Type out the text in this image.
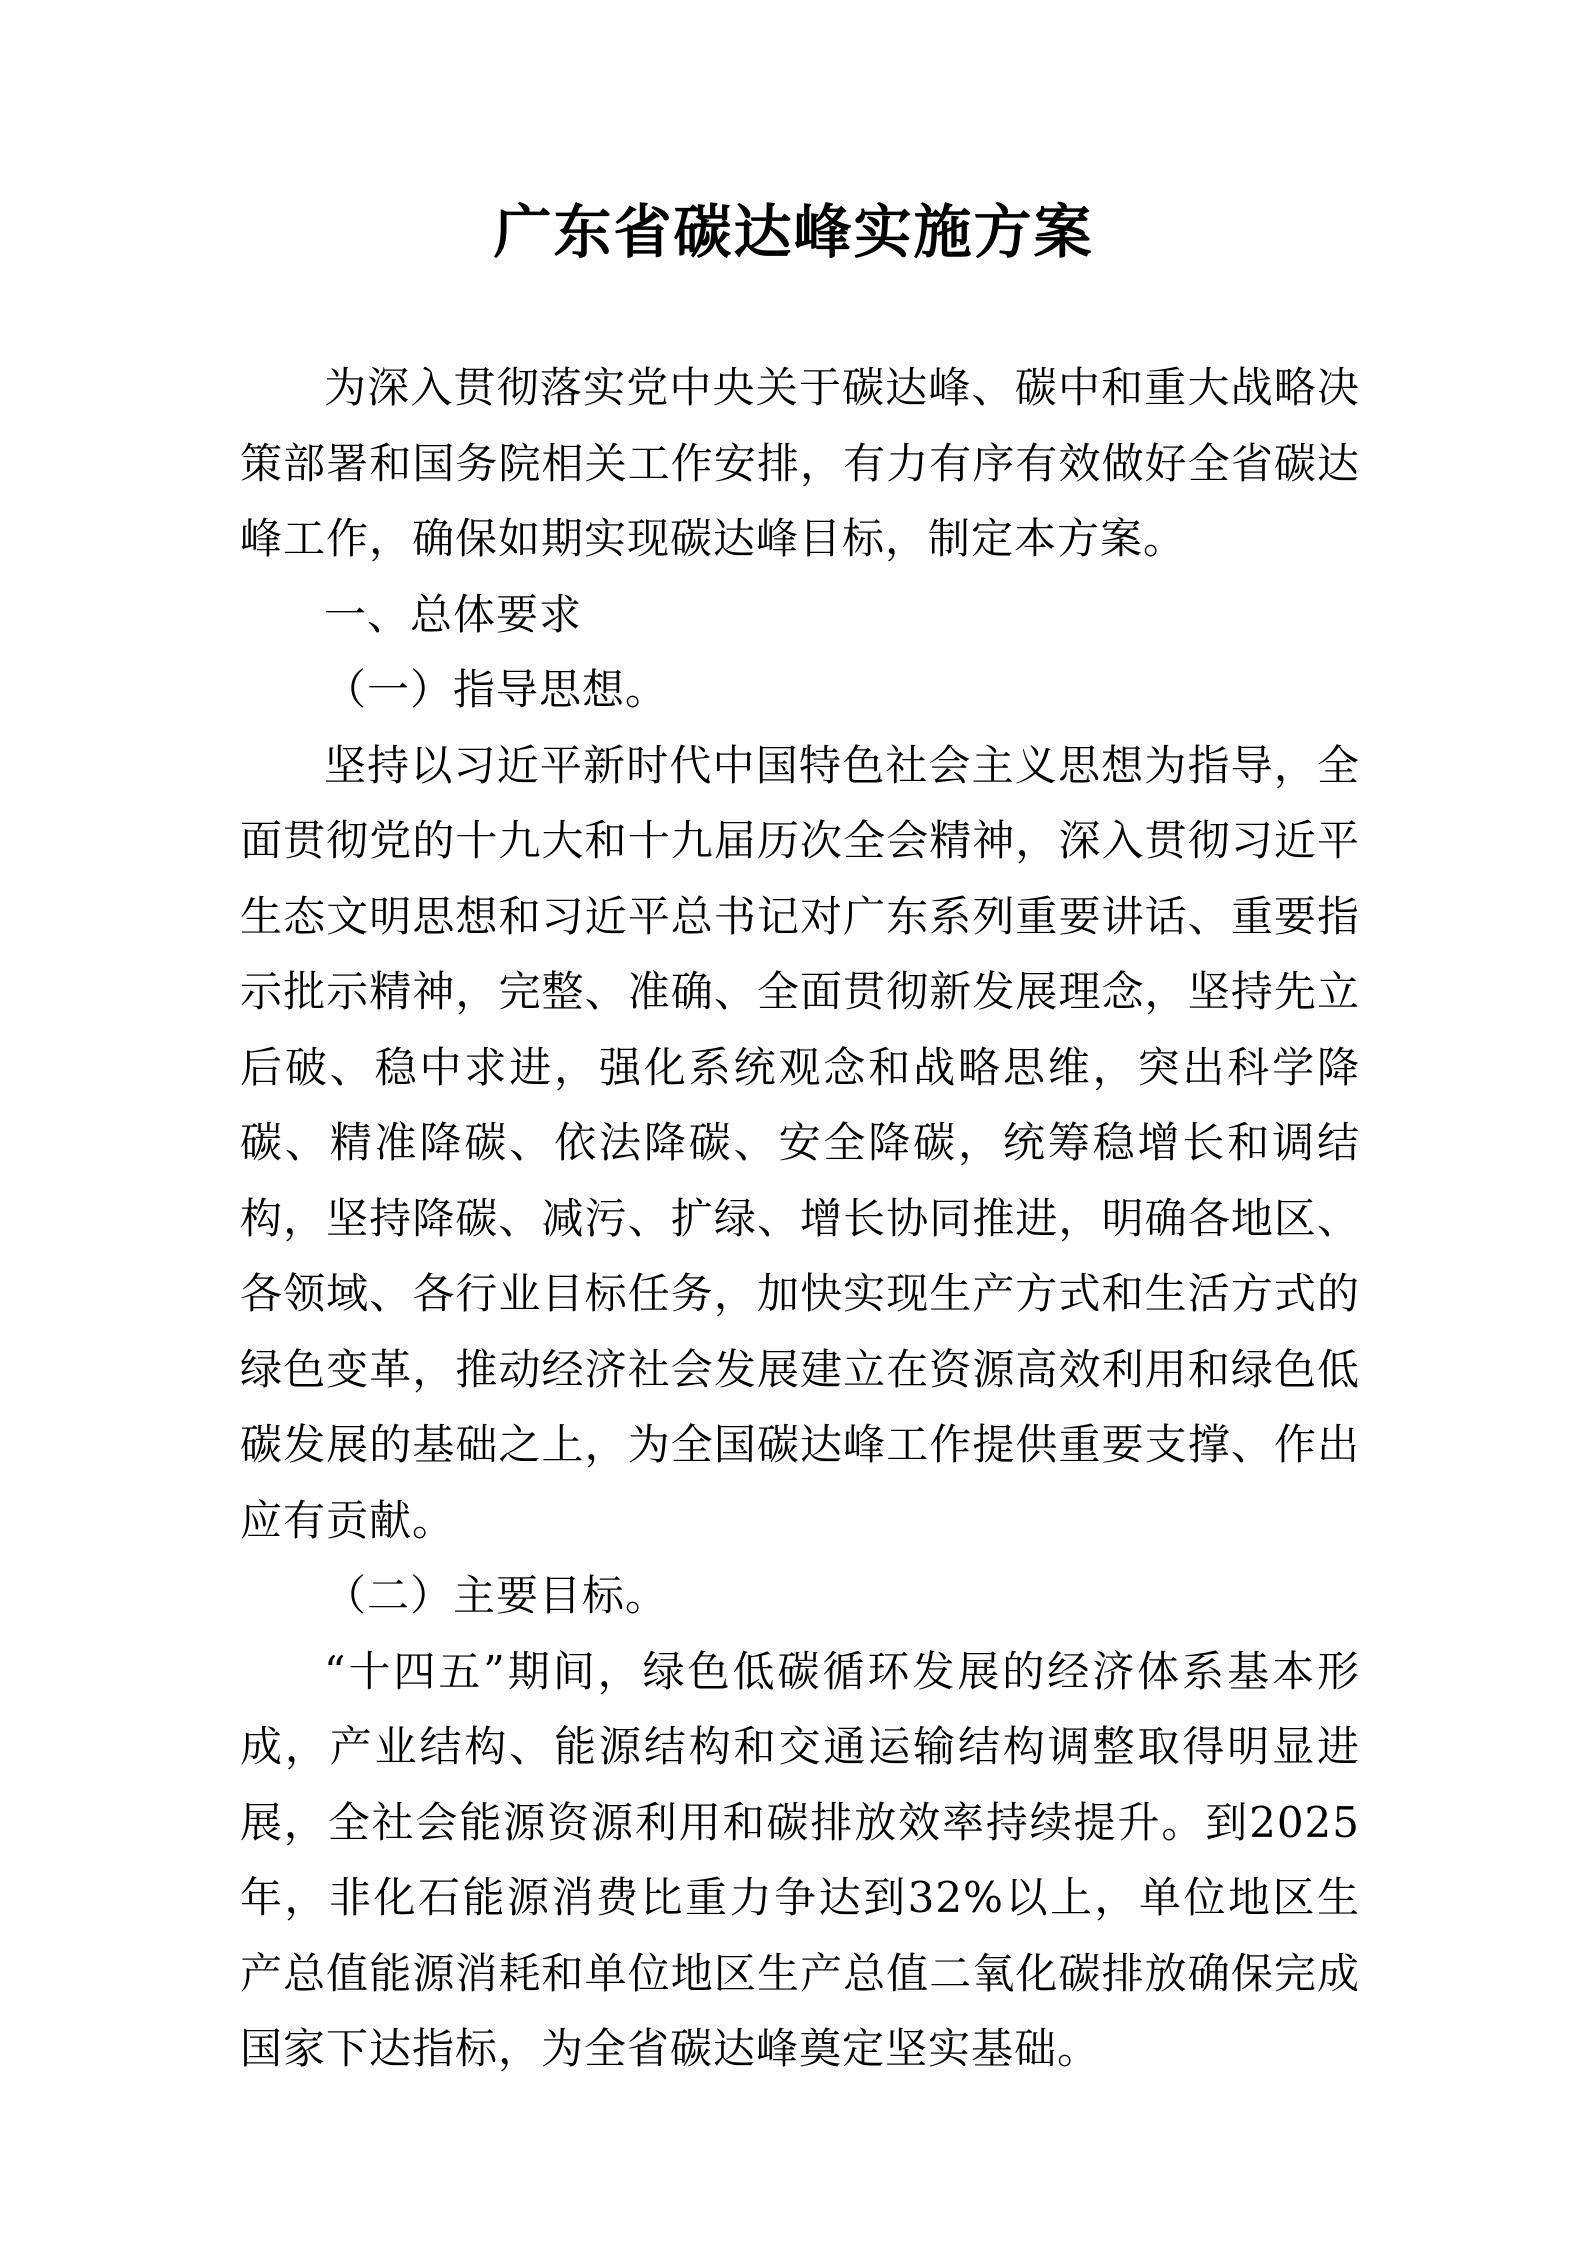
广东省碳达峰实施方案

为深入贯彻落实党中央关于碳达峰、碳中和重大战略决策部署和国务院相关工作安排，有力有序有效做好全省碳达峰工作，确保如期实现碳达峰目标，制定本方案。

一、总体要求

（一）指导思想。

坚持以习近平新时代中国特色社会主义思想为指导，全面贯彻党的十九大和十九届历次全会精神，深入贯彻习近平生态文明思想和习近平总书记对广东系列重要讲话、重要指示批示精神，完整、准确、全面贯彻新发展理念，坚持先立后破、稳中求进，强化系统观念和战略思维，突出科学降碳、精准降碳、依法降碳、安全降碳，统筹稳增长和调结构，坚持降碳、减污、扩绿、增长协同推进，明确各地区、各领域、各行业目标任务，加快实现生产方式和生活方式的绿色变革，推动经济社会发展建立在资源高效利用和绿色低碳发展的基础之上，为全国碳达峰工作提供重要支撑、作出应有贡献。

（二）主要目标。

“十四五”期间，绿色低碳循环发展的经济体系基本形成，产业结构、能源结构和交通运输结构调整取得明显进展，全社会能源资源利用和碳排放效率持续提升。到2025年，非化石能源消费比重力争达到32%以上，单位地区生产总值能源消耗和单位地区生产总值二氧化碳排放确保完成国家下达指标，为全省碳达峰奠定坚实基础。
